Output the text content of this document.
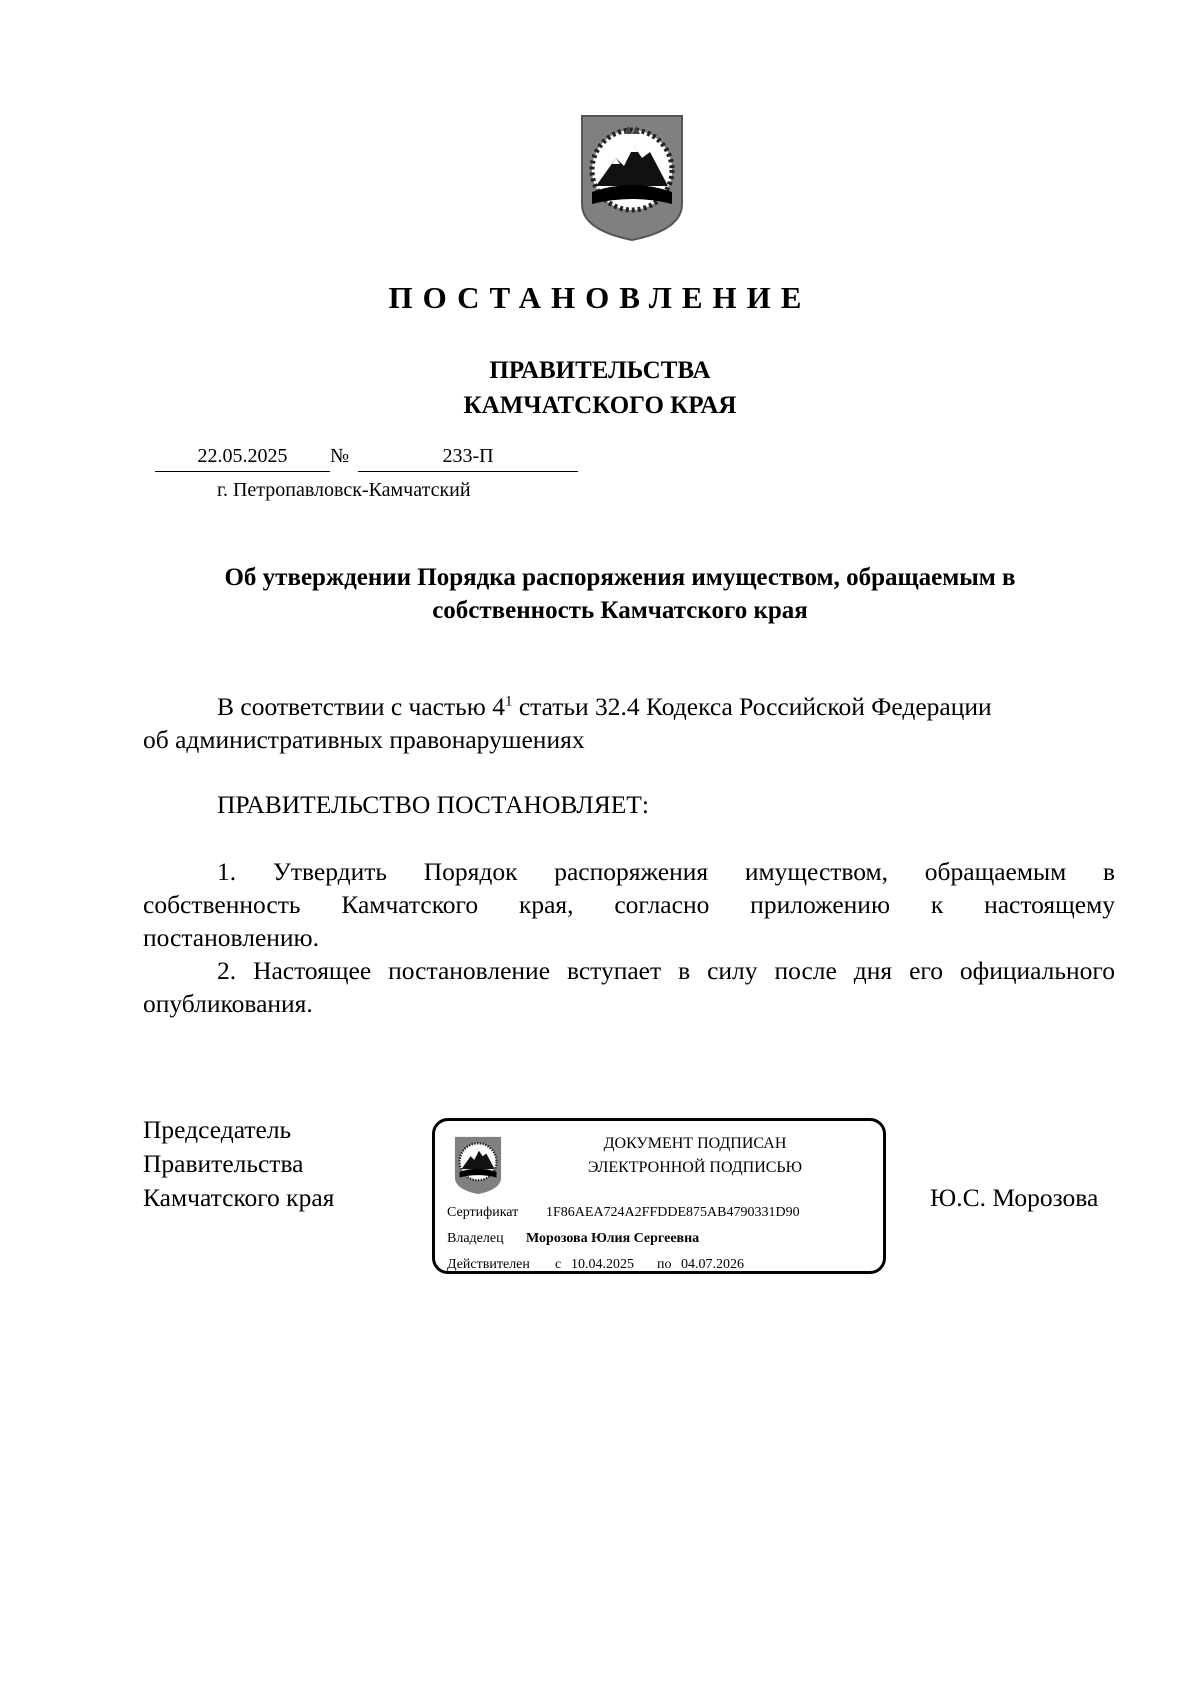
ПОСТАНОВЛЕНИЕ
ПРАВИТЕЛЬСТВА
КАМЧАТСКОГО КРАЯ
22.05.2025	№	233-П
г. Петропавловск-Камчатский
Об утверждении Порядка распоряжения имуществом, обращаемым в собственность Камчатского края
В соответствии с частью $4^1$ статьи 32.4 Кодекса Российской Федерации
об административных правонарушениях
ПРАВИТЕЛЬСТВО ПОСТАНОВЛЯЕТ:
1. Утвердить Порядок распоряжения имуществом, обращаемым в
собственность Камчатского края, согласно приложению к настоящему
постановлению.
2. Настоящее постановление вступает в силу после дня его официального
опубликования.
Председатель
Правительства
Камчатского края
ДОКУМЕНТ ПОДПИСАН
ЭЛЕКТРОННОЙ ПОДПИСЬЮ
Сертификат 1F86AEA724A2FFDDE875AB4790331D90
Владелец Морозова Юлия Сергеевна
Действителен с 10.04.2025 по 04.07.2026
Ю.С. Морозова
